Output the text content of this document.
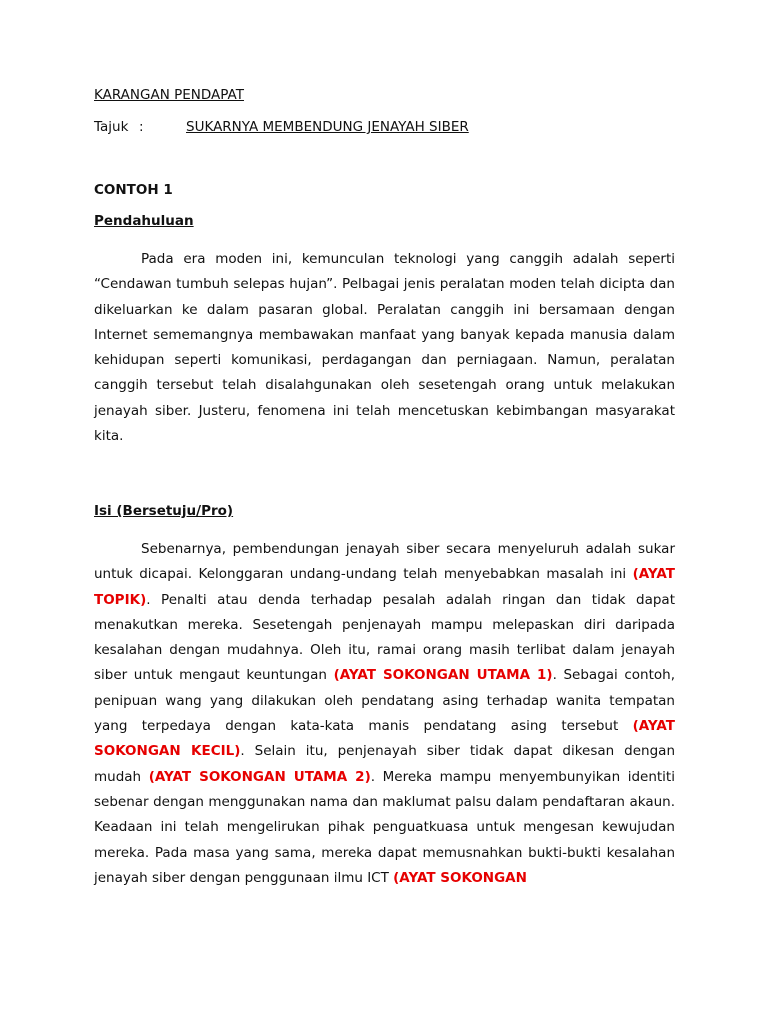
KARANGAN PENDAPAT
Tajuk :	SUKARNYA MEMBENDUNG JENAYAH SIBER
CONTOH 1
Pendahuluan

Pada era moden ini, kemunculan teknologi yang canggih adalah seperti “Cendawan tumbuh selepas hujan”. Pelbagai jenis peralatan moden telah dicipta dan dikeluarkan ke dalam pasaran global. Peralatan canggih ini bersamaan dengan Internet sememangnya membawakan manfaat yang banyak kepada manusia dalam kehidupan seperti komunikasi, perdagangan dan perniagaan. Namun, peralatan canggih tersebut telah disalahgunakan oleh sesetengah orang untuk melakukan jenayah siber. Justeru, fenomena ini telah mencetuskan kebimbangan masyarakat kita.

Isi (Bersetuju/Pro)

Sebenarnya, pembendungan jenayah siber secara menyeluruh adalah sukar untuk dicapai. Kelonggaran undang-undang telah menyebabkan masalah ini (AYAT TOPIK). Penalti atau denda terhadap pesalah adalah ringan dan tidak dapat menakutkan mereka. Sesetengah penjenayah mampu melepaskan diri daripada kesalahan dengan mudahnya. Oleh itu, ramai orang masih terlibat dalam jenayah siber untuk mengaut keuntungan (AYAT SOKONGAN UTAMA 1). Sebagai contoh, penipuan wang yang dilakukan oleh pendatang asing terhadap wanita tempatan yang terpedaya dengan kata-kata manis pendatang asing tersebut (AYAT SOKONGAN KECIL). Selain itu, penjenayah siber tidak dapat dikesan dengan mudah (AYAT SOKONGAN UTAMA 2). Mereka mampu menyembunyikan identiti sebenar dengan menggunakan nama dan maklumat palsu dalam pendaftaran akaun. Keadaan ini telah mengelirukan pihak penguatkuasa untuk mengesan kewujudan mereka. Pada masa yang sama, mereka dapat memusnahkan bukti-bukti kesalahan jenayah siber dengan penggunaan ilmu ICT (AYAT SOKONGAN
